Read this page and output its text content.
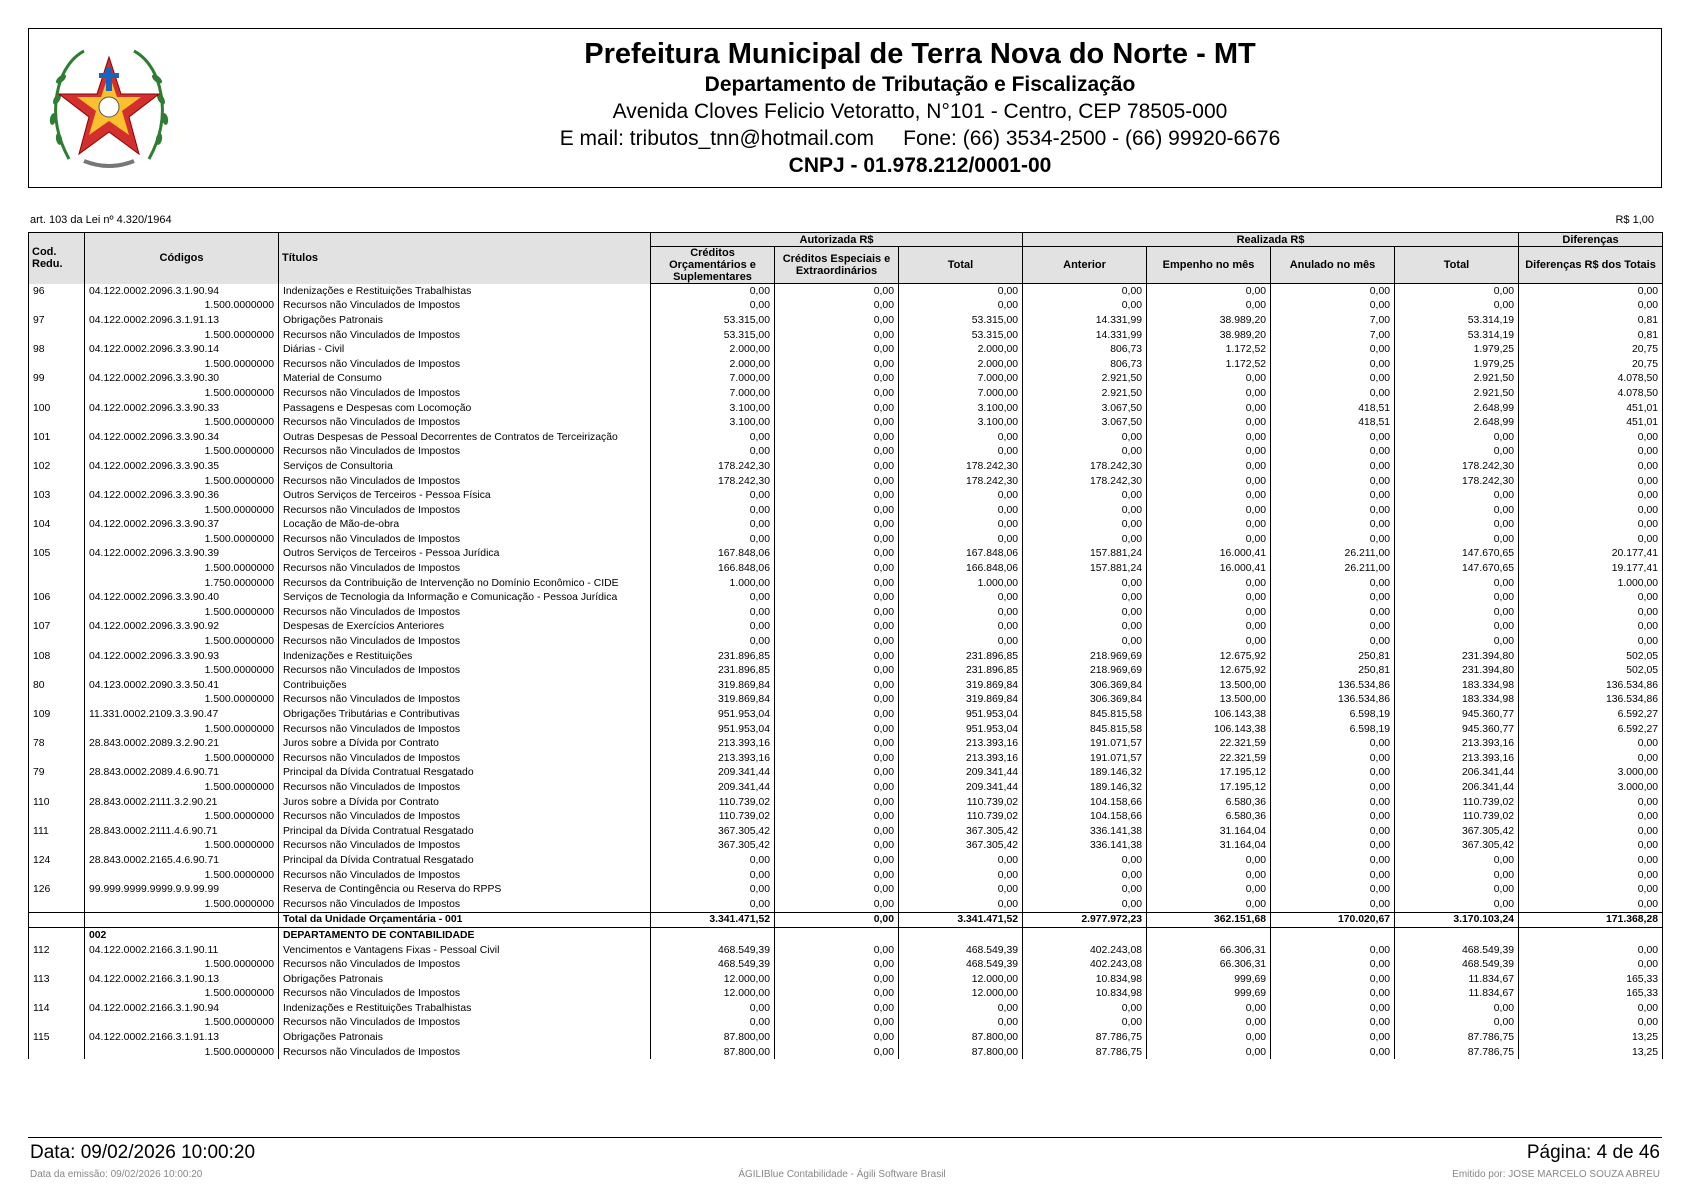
Prefeitura Municipal de Terra Nova do Norte - MT
Departamento de Tributação e Fiscalização
Avenida Cloves Felicio Vetoratto, N°101 - Centro, CEP 78505-000
E mail: tributos_tnn@hotmail.com     Fone: (66) 3534-2500 - (66) 99920-6676
CNPJ - 01.978.212/0001-00
art. 103 da Lei nº 4.320/1964	R$ 1,00
Cod. Redu.	Códigos	Títulos	Autorizada R$			Realizada R$				Diferenças
			Créditos Orçamentários e Suplementares	Créditos Especiais e Extraordinários	Total	Anterior	Empenho no mês	Anulado no mês	Total	Diferenças R$ dos Totais
96	04.122.0002.2096.3.1.90.94	Indenizações e Restituições Trabalhistas	0,00	0,00	0,00	0,00	0,00	0,00	0,00	0,00
	1.500.0000000	Recursos não Vinculados de Impostos	0,00	0,00	0,00	0,00	0,00	0,00	0,00	0,00
97	04.122.0002.2096.3.1.91.13	Obrigações Patronais	53.315,00	0,00	53.315,00	14.331,99	38.989,20	7,00	53.314,19	0,81
	1.500.0000000	Recursos não Vinculados de Impostos	53.315,00	0,00	53.315,00	14.331,99	38.989,20	7,00	53.314,19	0,81
98	04.122.0002.2096.3.3.90.14	Diárias - Civil	2.000,00	0,00	2.000,00	806,73	1.172,52	0,00	1.979,25	20,75
	1.500.0000000	Recursos não Vinculados de Impostos	2.000,00	0,00	2.000,00	806,73	1.172,52	0,00	1.979,25	20,75
99	04.122.0002.2096.3.3.90.30	Material de Consumo	7.000,00	0,00	7.000,00	2.921,50	0,00	0,00	2.921,50	4.078,50
	1.500.0000000	Recursos não Vinculados de Impostos	7.000,00	0,00	7.000,00	2.921,50	0,00	0,00	2.921,50	4.078,50
100	04.122.0002.2096.3.3.90.33	Passagens e Despesas com Locomoção	3.100,00	0,00	3.100,00	3.067,50	0,00	418,51	2.648,99	451,01
	1.500.0000000	Recursos não Vinculados de Impostos	3.100,00	0,00	3.100,00	3.067,50	0,00	418,51	2.648,99	451,01
101	04.122.0002.2096.3.3.90.34	Outras Despesas de Pessoal Decorrentes de Contratos de Terceirização	0,00	0,00	0,00	0,00	0,00	0,00	0,00	0,00
	1.500.0000000	Recursos não Vinculados de Impostos	0,00	0,00	0,00	0,00	0,00	0,00	0,00	0,00
102	04.122.0002.2096.3.3.90.35	Serviços de Consultoria	178.242,30	0,00	178.242,30	178.242,30	0,00	0,00	178.242,30	0,00
	1.500.0000000	Recursos não Vinculados de Impostos	178.242,30	0,00	178.242,30	178.242,30	0,00	0,00	178.242,30	0,00
103	04.122.0002.2096.3.3.90.36	Outros Serviços de Terceiros - Pessoa Física	0,00	0,00	0,00	0,00	0,00	0,00	0,00	0,00
	1.500.0000000	Recursos não Vinculados de Impostos	0,00	0,00	0,00	0,00	0,00	0,00	0,00	0,00
104	04.122.0002.2096.3.3.90.37	Locação de Mão-de-obra	0,00	0,00	0,00	0,00	0,00	0,00	0,00	0,00
	1.500.0000000	Recursos não Vinculados de Impostos	0,00	0,00	0,00	0,00	0,00	0,00	0,00	0,00
105	04.122.0002.2096.3.3.90.39	Outros Serviços de Terceiros - Pessoa Jurídica	167.848,06	0,00	167.848,06	157.881,24	16.000,41	26.211,00	147.670,65	20.177,41
	1.500.0000000	Recursos não Vinculados de Impostos	166.848,06	0,00	166.848,06	157.881,24	16.000,41	26.211,00	147.670,65	19.177,41
	1.750.0000000	Recursos da Contribuição de Intervenção no Domínio Econômico - CIDE	1.000,00	0,00	1.000,00	0,00	0,00	0,00	0,00	1.000,00
106	04.122.0002.2096.3.3.90.40	Serviços de Tecnologia da Informação e Comunicação - Pessoa Jurídica	0,00	0,00	0,00	0,00	0,00	0,00	0,00	0,00
	1.500.0000000	Recursos não Vinculados de Impostos	0,00	0,00	0,00	0,00	0,00	0,00	0,00	0,00
107	04.122.0002.2096.3.3.90.92	Despesas de Exercícios Anteriores	0,00	0,00	0,00	0,00	0,00	0,00	0,00	0,00
	1.500.0000000	Recursos não Vinculados de Impostos	0,00	0,00	0,00	0,00	0,00	0,00	0,00	0,00
108	04.122.0002.2096.3.3.90.93	Indenizações e Restituições	231.896,85	0,00	231.896,85	218.969,69	12.675,92	250,81	231.394,80	502,05
	1.500.0000000	Recursos não Vinculados de Impostos	231.896,85	0,00	231.896,85	218.969,69	12.675,92	250,81	231.394,80	502,05
80	04.123.0002.2090.3.3.50.41	Contribuições	319.869,84	0,00	319.869,84	306.369,84	13.500,00	136.534,86	183.334,98	136.534,86
	1.500.0000000	Recursos não Vinculados de Impostos	319.869,84	0,00	319.869,84	306.369,84	13.500,00	136.534,86	183.334,98	136.534,86
109	11.331.0002.2109.3.3.90.47	Obrigações Tributárias e Contributivas	951.953,04	0,00	951.953,04	845.815,58	106.143,38	6.598,19	945.360,77	6.592,27
	1.500.0000000	Recursos não Vinculados de Impostos	951.953,04	0,00	951.953,04	845.815,58	106.143,38	6.598,19	945.360,77	6.592,27
78	28.843.0002.2089.3.2.90.21	Juros sobre a Dívida por Contrato	213.393,16	0,00	213.393,16	191.071,57	22.321,59	0,00	213.393,16	0,00
	1.500.0000000	Recursos não Vinculados de Impostos	213.393,16	0,00	213.393,16	191.071,57	22.321,59	0,00	213.393,16	0,00
79	28.843.0002.2089.4.6.90.71	Principal da Dívida Contratual Resgatado	209.341,44	0,00	209.341,44	189.146,32	17.195,12	0,00	206.341,44	3.000,00
	1.500.0000000	Recursos não Vinculados de Impostos	209.341,44	0,00	209.341,44	189.146,32	17.195,12	0,00	206.341,44	3.000,00
110	28.843.0002.2111.3.2.90.21	Juros sobre a Dívida por Contrato	110.739,02	0,00	110.739,02	104.158,66	6.580,36	0,00	110.739,02	0,00
	1.500.0000000	Recursos não Vinculados de Impostos	110.739,02	0,00	110.739,02	104.158,66	6.580,36	0,00	110.739,02	0,00
111	28.843.0002.2111.4.6.90.71	Principal da Dívida Contratual Resgatado	367.305,42	0,00	367.305,42	336.141,38	31.164,04	0,00	367.305,42	0,00
	1.500.0000000	Recursos não Vinculados de Impostos	367.305,42	0,00	367.305,42	336.141,38	31.164,04	0,00	367.305,42	0,00
124	28.843.0002.2165.4.6.90.71	Principal da Dívida Contratual Resgatado	0,00	0,00	0,00	0,00	0,00	0,00	0,00	0,00
	1.500.0000000	Recursos não Vinculados de Impostos	0,00	0,00	0,00	0,00	0,00	0,00	0,00	0,00
126	99.999.9999.9999.9.9.99.99	Reserva de Contingência ou Reserva do RPPS	0,00	0,00	0,00	0,00	0,00	0,00	0,00	0,00
	1.500.0000000	Recursos não Vinculados de Impostos	0,00	0,00	0,00	0,00	0,00	0,00	0,00	0,00
		Total da Unidade Orçamentária - 001	3.341.471,52	0,00	3.341.471,52	2.977.972,23	362.151,68	170.020,67	3.170.103,24	171.368,28
	002	DEPARTAMENTO DE CONTABILIDADE								
112	04.122.0002.2166.3.1.90.11	Vencimentos e Vantagens Fixas - Pessoal Civil	468.549,39	0,00	468.549,39	402.243,08	66.306,31	0,00	468.549,39	0,00
	1.500.0000000	Recursos não Vinculados de Impostos	468.549,39	0,00	468.549,39	402.243,08	66.306,31	0,00	468.549,39	0,00
113	04.122.0002.2166.3.1.90.13	Obrigações Patronais	12.000,00	0,00	12.000,00	10.834,98	999,69	0,00	11.834,67	165,33
	1.500.0000000	Recursos não Vinculados de Impostos	12.000,00	0,00	12.000,00	10.834,98	999,69	0,00	11.834,67	165,33
114	04.122.0002.2166.3.1.90.94	Indenizações e Restituições Trabalhistas	0,00	0,00	0,00	0,00	0,00	0,00	0,00	0,00
	1.500.0000000	Recursos não Vinculados de Impostos	0,00	0,00	0,00	0,00	0,00	0,00	0,00	0,00
115	04.122.0002.2166.3.1.91.13	Obrigações Patronais	87.800,00	0,00	87.800,00	87.786,75	0,00	0,00	87.786,75	13,25
	1.500.0000000	Recursos não Vinculados de Impostos	87.800,00	0,00	87.800,00	87.786,75	0,00	0,00	87.786,75	13,25
Data: 09/02/2026 10:00:20	Página: 4 de 46
Data da emissão: 09/02/2026 10:00:20	ÁGILIBlue Contabilidade - Ágili Software Brasil	Emitido por: JOSE MARCELO SOUZA ABREU
